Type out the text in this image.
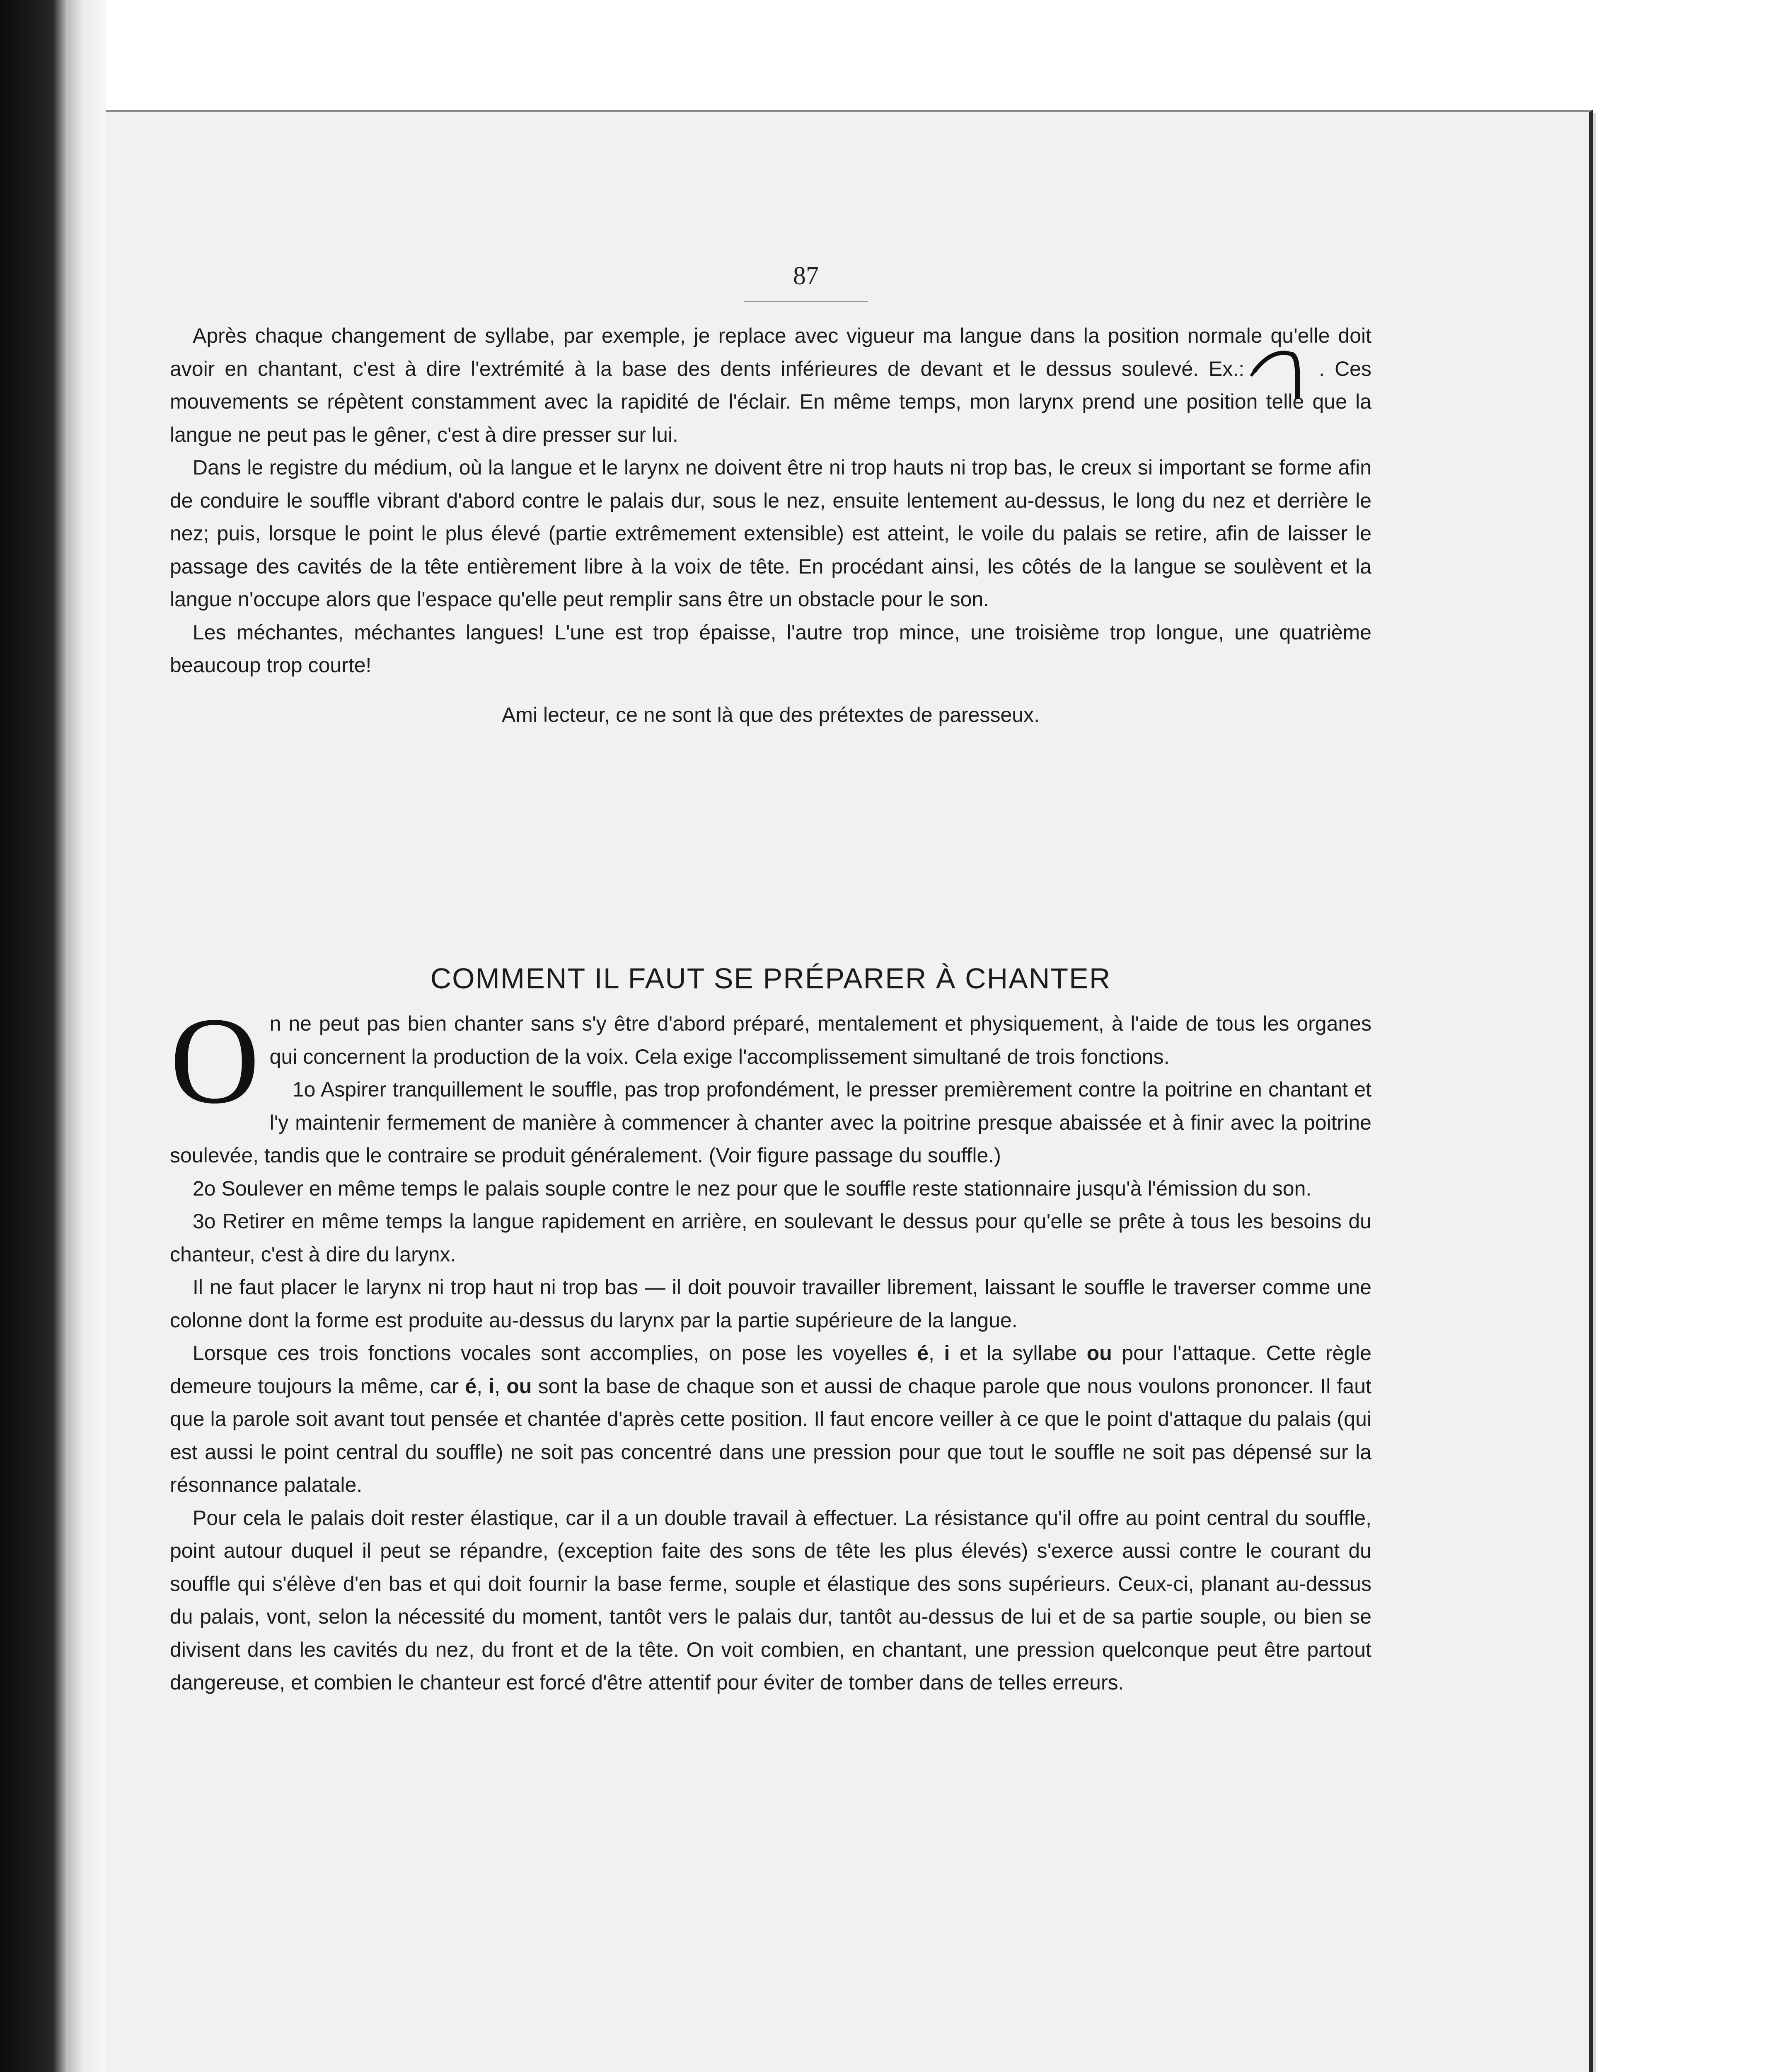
87

Après chaque changement de syllabe, par exemple, je replace avec vigueur ma langue dans la position normale qu'elle doit avoir en chantant, c'est à dire l'extrémité à la base des dents inférieures de devant et le dessus soulevé. Ex.:	. Ces mouvements se répètent constamment avec la rapidité de l'éclair. En même temps, mon larynx prend une position telle que la langue ne peut pas le gêner, c'est à dire presser sur lui.

Dans le registre du médium, où la langue et le larynx ne doivent être ni trop hauts ni trop bas, le creux si important se forme afin de conduire le souffle vibrant d'abord contre le palais dur, sous le nez, ensuite lentement au-dessus, le long du nez et derrière le nez; puis, lorsque le point le plus élevé (partie extrêmement extensible) est atteint, le voile du palais se retire, afin de laisser le passage des cavités de la tête entièrement libre à la voix de tête. En procédant ainsi, les côtés de la langue se soulèvent et la langue n'occupe alors que l'espace qu'elle peut remplir sans être un obstacle pour le son.

Les méchantes, méchantes langues! L'une est trop épaisse, l'autre trop mince, une troisième trop longue, une quatrième beaucoup trop courte!

Ami lecteur, ce ne sont là que des prétextes de paresseux.

COMMENT IL FAUT SE PRÉPARER À CHANTER

On ne peut pas bien chanter sans s'y être d'abord préparé, mentalement et physiquement, à l'aide de tous les organes qui concernent la production de la voix. Cela exige l'accomplissement simultané de trois fonctions.

1o Aspirer tranquillement le souffle, pas trop profondément, le presser premièrement contre la poitrine en chantant et l'y maintenir fermement de manière à commencer à chanter avec la poitrine presque abaissée et à finir avec la poitrine soulevée, tandis que le contraire se produit généralement. (Voir figure passage du souffle.)

2o Soulever en même temps le palais souple contre le nez pour que le souffle reste stationnaire jusqu'à l'émission du son.

3o Retirer en même temps la langue rapidement en arrière, en soulevant le dessus pour qu'elle se prête à tous les besoins du chanteur, c'est à dire du larynx.

Il ne faut placer le larynx ni trop haut ni trop bas — il doit pouvoir travailler librement, laissant le souffle le traverser comme une colonne dont la forme est produite au-dessus du larynx par la partie supérieure de la langue.

Lorsque ces trois fonctions vocales sont accomplies, on pose les voyelles é, i et la syllabe ou pour l'attaque. Cette règle demeure toujours la même, car é, i, ou sont la base de chaque son et aussi de chaque parole que nous voulons prononcer. Il faut que la parole soit avant tout pensée et chantée d'après cette position. Il faut encore veiller à ce que le point d'attaque du palais (qui est aussi le point central du souffle) ne soit pas concentré dans une pression pour que tout le souffle ne soit pas dépensé sur la résonnance palatale.

Pour cela le palais doit rester élastique, car il a un double travail à effectuer. La résistance qu'il offre au point central du souffle, point autour duquel il peut se répandre, (exception faite des sons de tête les plus élevés) s'exerce aussi contre le courant du souffle qui s'élève d'en bas et qui doit fournir la base ferme, souple et élastique des sons supérieurs. Ceux-ci, planant au-dessus du palais, vont, selon la nécessité du moment, tantôt vers le palais dur, tantôt au-dessus de lui et de sa partie souple, ou bien se divisent dans les cavités du nez, du front et de la tête. On voit combien, en chantant, une pression quelconque peut être partout dangereuse, et combien le chanteur est forcé d'être attentif pour éviter de tomber dans de telles erreurs.
